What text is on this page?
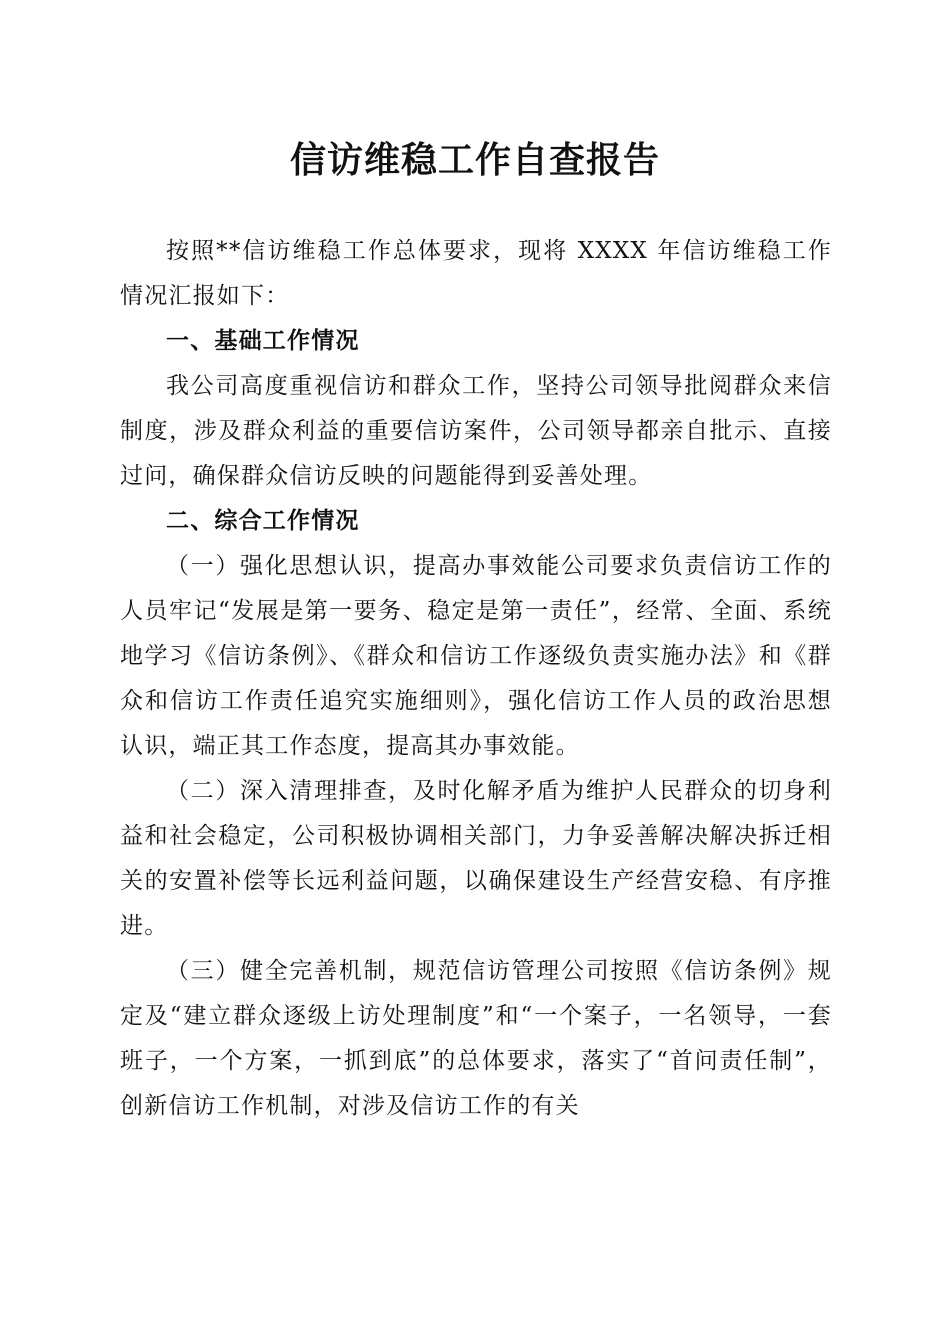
信访维稳工作自查报告

按照**信访维稳工作总体要求，现将 XXXX 年信访维稳工作情况汇报如下：

一、基础工作情况

我公司高度重视信访和群众工作，坚持公司领导批阅群众来信制度，涉及群众利益的重要信访案件，公司领导都亲自批示、直接过问，确保群众信访反映的问题能得到妥善处理。

二、综合工作情况

（一）强化思想认识，提高办事效能公司要求负责信访工作的人员牢记“发展是第一要务、稳定是第一责任”，经常、全面、系统地学习《信访条例》、《群众和信访工作逐级负责实施办法》和《群众和信访工作责任追究实施细则》，强化信访工作人员的政治思想认识，端正其工作态度，提高其办事效能。

（二）深入清理排查，及时化解矛盾为维护人民群众的切身利益和社会稳定，公司积极协调相关部门，力争妥善解决解决拆迁相关的安置补偿等长远利益问题，以确保建设生产经营安稳、有序推进。

（三）健全完善机制，规范信访管理公司按照《信访条例》规定及“建立群众逐级上访处理制度”和“一个案子，一名领导，一套班子，一个方案，一抓到底”的总体要求，落实了“首问责任制”，创新信访工作机制，对涉及信访工作的有关
